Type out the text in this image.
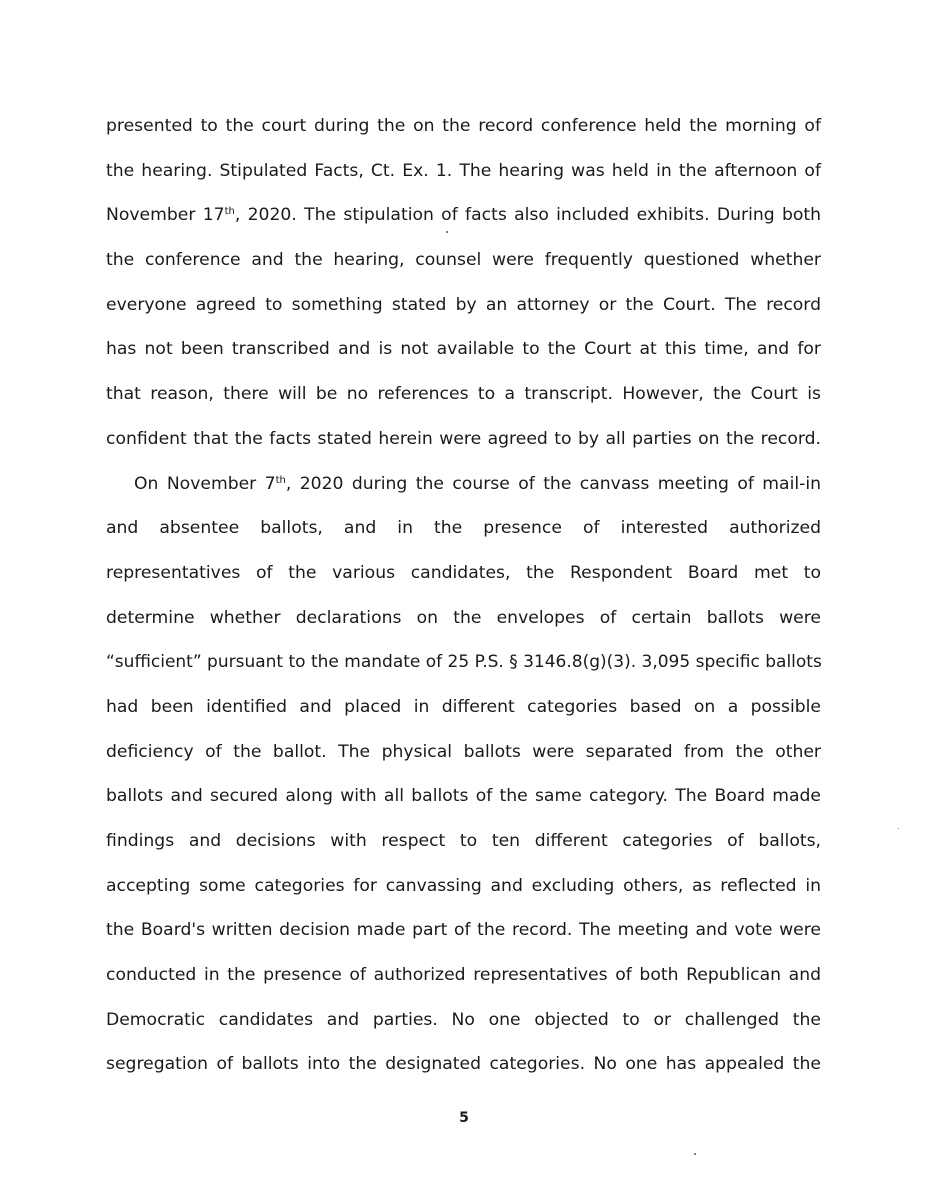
presented to the court during the on the record conference held the morning of
the hearing. Stipulated Facts, Ct. Ex. 1. The hearing was held in the afternoon of
November 17th, 2020. The stipulation of facts also included exhibits. During both
the conference and the hearing, counsel were frequently questioned whether
everyone agreed to something stated by an attorney or the Court. The record
has not been transcribed and is not available to the Court at this time, and for
that reason, there will be no references to a transcript. However, the Court is
confident that the facts stated herein were agreed to by all parties on the record.
On November 7th, 2020 during the course of the canvass meeting of mail-in
and absentee ballots, and in the presence of interested authorized
representatives of the various candidates, the Respondent Board met to
determine whether declarations on the envelopes of certain ballots were
“sufficient” pursuant to the mandate of 25 P.S. § 3146.8(g)(3). 3,095 specific ballots
had been identified and placed in different categories based on a possible
deficiency of the ballot. The physical ballots were separated from the other
ballots and secured along with all ballots of the same category. The Board made
findings and decisions with respect to ten different categories of ballots,
accepting some categories for canvassing and excluding others, as reflected in
the Board's written decision made part of the record. The meeting and vote were
conducted in the presence of authorized representatives of both Republican and
Democratic candidates and parties. No one objected to or challenged the
segregation of ballots into the designated categories. No one has appealed the
5
